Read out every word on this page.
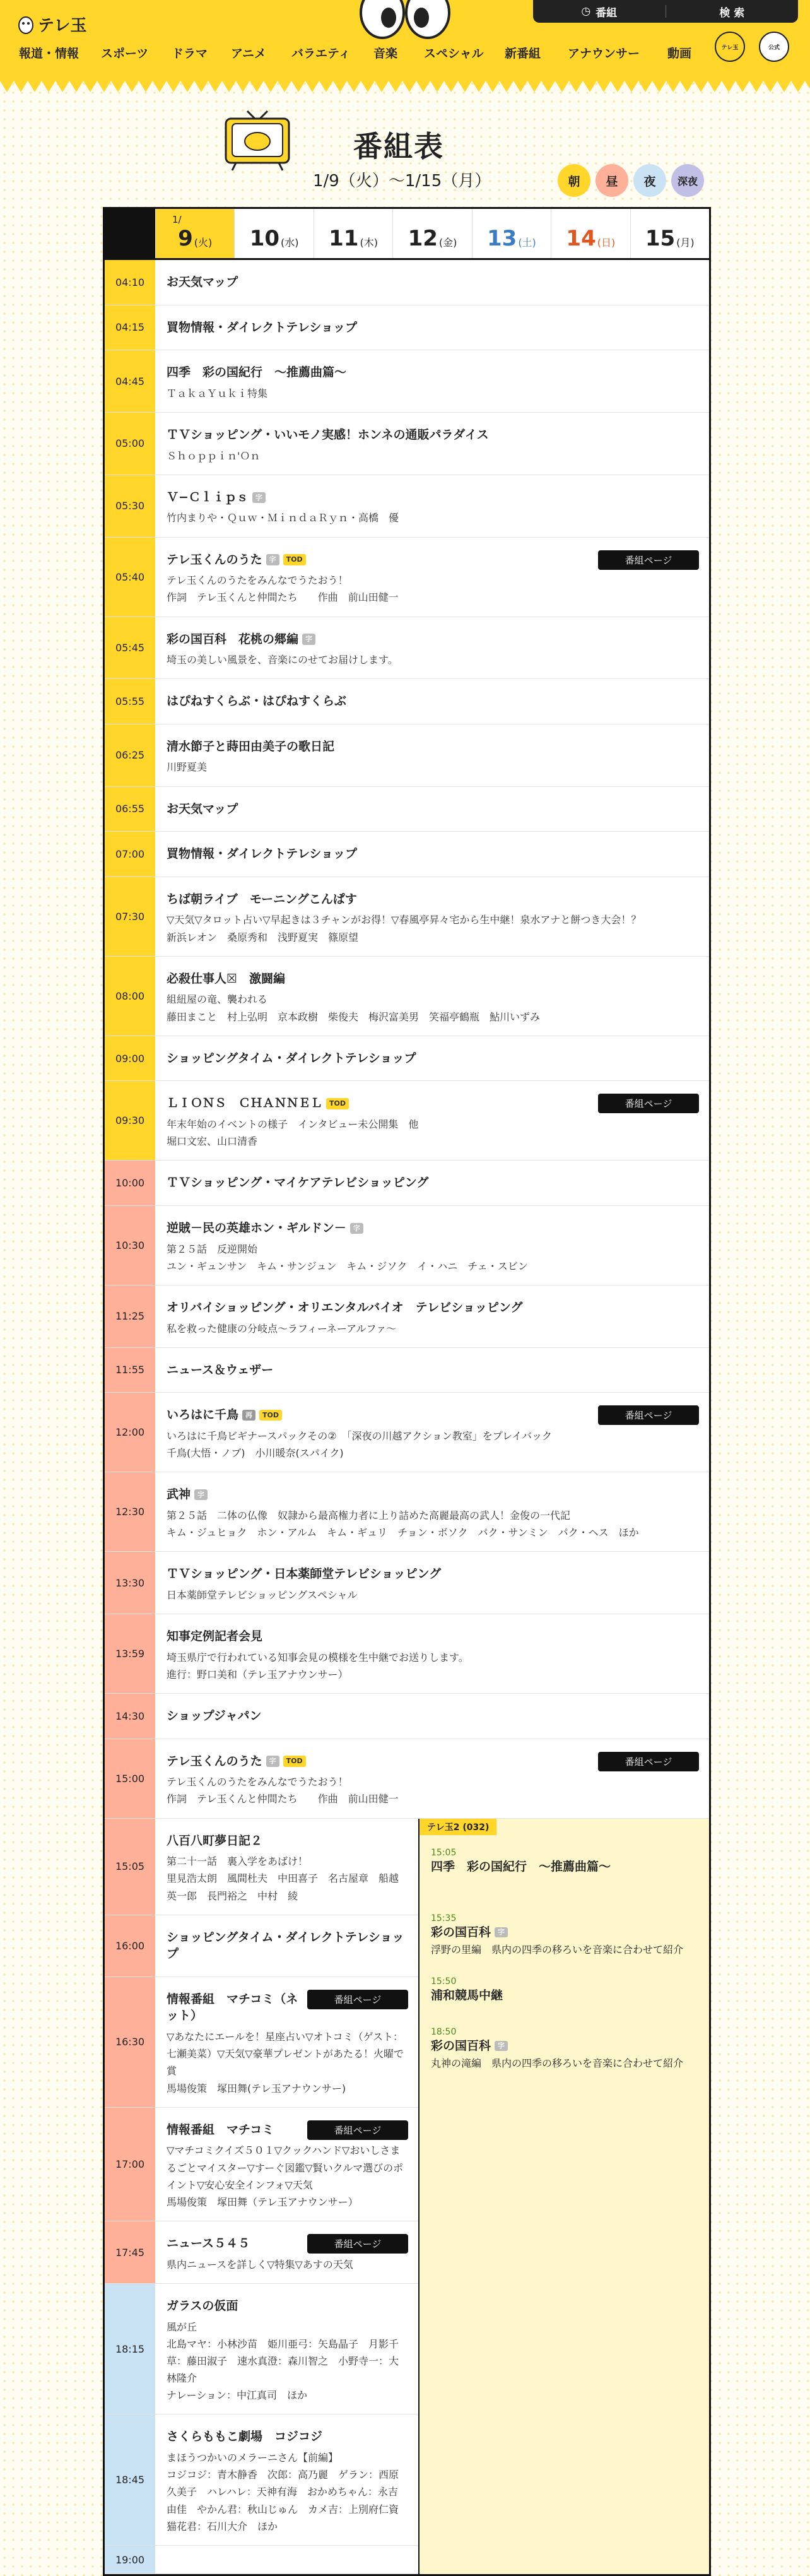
テレ玉
◷ 番組	検 索
報道・情報 スポーツ ドラマ アニメ バラエティ 音楽 スペシャル 新番組 アナウンサー 動画	テレ玉	公式
番組表
1/9（火）〜1/15（月）	朝 昼 夜 深夜
1/
9 (火) 10 (水) 11 (木) 12 (金) 13 (土) 14 (日) 15 (月)
04:10	お天気マップ
04:15	買物情報・ダイレクトテレショップ
04:45
四季　彩の国紀行　〜推薦曲篇〜
ＴａｋａＹｕｋｉ特集
05:00
ＴＶショッピング・いいモノ実感！ホンネの通販パラダイス
Ｓｈｏｐｐｉｎ'Ｏｎ
05:30
Ｖ−Ｃｌｉｐｓ 字
竹内まりや・Ｑｕｗ・ＭｉｎｄａＲｙｎ・高橋　優
05:40
テレ玉くんのうた 字 TOD	番組ページ
テレ玉くんのうたをみんなでうたおう！
作詞　テレ玉くんと仲間たち　　作曲　前山田健一
05:45
彩の国百科　花桃の郷編 字
埼玉の美しい風景を、音楽にのせてお届けします。
05:55	はぴねすくらぶ・はぴねすくらぶ
06:25
清水節子と蒔田由美子の歌日記
川野夏美
06:55	お天気マップ
07:00	買物情報・ダイレクトテレショップ
07:30
ちば朝ライブ　モーニングこんぱす
▽天気▽タロット占い▽早起きは３チャンがお得！▽春風亭昇々宅から生中継！泉水アナと餅つき大会！？
新浜レオン　桑原秀和　浅野夏実　篠原望
08:00
必殺仕事人☒　激闘編
組紐屋の竜、襲われる
藤田まこと　村上弘明　京本政樹　柴俊夫　梅沢富美男　笑福亭鶴瓶　鮎川いずみ
09:00	ショッピングタイム・ダイレクトテレショップ
09:30
ＬＩＯＮＳ　ＣＨＡＮＮＥＬ TOD	番組ページ
年末年始のイベントの様子　インタビュー未公開集　他
堀口文宏、山口清香
10:00	ＴＶショッピング・マイケアテレビショッピング
10:30
逆賊－民の英雄ホン・ギルドン－ 字
第２５話　反逆開始
ユン・ギュンサン　キム・サンジュン　キム・ジソク　イ・ハニ　チェ・スビン
11:25
オリバイショッピング・オリエンタルバイオ　テレビショッピング
私を救った健康の分岐点〜ラフィーネーアルファ〜
11:55	ニュース＆ウェザー
12:00
いろはに千鳥 再 TOD	番組ページ
いろはに千鳥ビギナースパックその②　「深夜の川越アクション教室」をプレイバック
千鳥(大悟・ノブ)　小川暖奈(スパイク)
12:30
武神 字
第２５話　二体の仏像　奴隷から最高権力者に上り詰めた高麗最高の武人！金俊の一代記
キム・ジュヒョク　ホン・アルム　キム・ギュリ　チョン・ボソク　パク・サンミン　パク・ヘス　ほか
13:30
ＴＶショッピング・日本薬師堂テレビショッピング
日本薬師堂テレビショッピングスペシャル
13:59
知事定例記者会見
埼玉県庁で行われている知事会見の模様を生中継でお送りします。
進行：野口美和（テレ玉アナウンサー）
14:30	ショップジャパン
15:00
テレ玉くんのうた 字 TOD	番組ページ
テレ玉くんのうたをみんなでうたおう！
作詞　テレ玉くんと仲間たち　　作曲　前山田健一
15:05
八百八町夢日記２
第二十一話　裏入学をあばけ！
里見浩太朗　風間杜夫　中田喜子　名古屋章　船越英一郎　長門裕之　中村　綾
16:00
ショッピングタイム・ダイレクトテレショップ
16:30
情報番組　マチコミ（ネット）
番組ページ
▽あなたにエールを！星座占い▽オトコミ（ゲスト：七瀬美菜）▽天気▽豪華プレゼントがあたる！火曜で賞
馬場俊策　塚田舞(テレ玉アナウンサー)
17:00
情報番組　マチコミ	番組ページ
▽マチコミクイズ５０１▽クックハンド▽おいしさまるごとマイスター▽すーぐ図鑑▽賢いクルマ選びのポイント▽安心安全インフォ▽天気
馬場俊策　塚田舞（テレ玉アナウンサー）
17:45
ニュース５４５	番組ページ
県内ニュースを詳しく▽特集▽あすの天気
18:15
ガラスの仮面
風が丘
北島マヤ：小林沙苗　姫川亜弓：矢島晶子　月影千草：藤田淑子　速水真澄：森川智之　小野寺一：大林隆介
ナレーション：中江真司　ほか
18:45
さくらももこ劇場　コジコジ
まほうつかいのメラーニさん【前編】
コジコジ：青木静香　次郎：高乃麗　ゲラン：西原久美子　ハレハレ：天神有海　おかめちゃん：永吉由佳　やかん君：秋山じゅん　カメ吉：上別府仁資　猫花君：石川大介　ほか
19:00
テレ玉2 (032)
15:05
四季　彩の国紀行　〜推薦曲篇〜
15:35
彩の国百科 字
浮野の里編　県内の四季の移ろいを音楽に合わせて紹介
15:50
浦和競馬中継
18:50
彩の国百科 字
丸神の滝編　県内の四季の移ろいを音楽に合わせて紹介
